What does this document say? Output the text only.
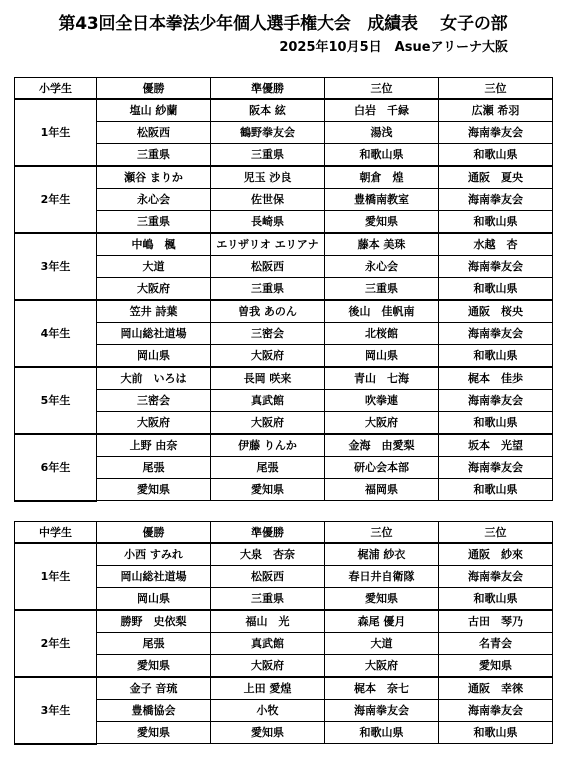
第43回全日本拳法少年個人選手権大会　成績表　 女子の部
2025年10月5日　Asueアリーナ大阪
小学生	優勝	準優勝	三位	三位
1年生	塩山 紗蘭	阪本 絃	白岩　千緑	広瀬 希羽
	松阪西	鶴野拳友会	湯浅	海南拳友会
	三重県	三重県	和歌山県	和歌山県
2年生	瀬谷 まりか	児玉 沙良	朝倉　煌	通阪　夏央
	永心会	佐世保	豊橋南教室	海南拳友会
	三重県	長崎県	愛知県	和歌山県
3年生	中嶋　楓	エリザリオ エリアナ	藤本 美珠	水越　杏
	大道	松阪西	永心会	海南拳友会
	大阪府	三重県	三重県	和歌山県
4年生	笠井 詩葉	曽我 あのん	後山　佳帆南	通阪　桜央
	岡山総社道場	三密会	北桜館	海南拳友会
	岡山県	大阪府	岡山県	和歌山県
5年生	大前　いろは	長岡 咲来	青山　七海	梶本　佳歩
	三密会	真武館	吹拳連	海南拳友会
	大阪府	大阪府	大阪府	和歌山県
6年生	上野 由奈	伊藤 りんか	金海　由愛梨	坂本　光望
	尾張	尾張	研心会本部	海南拳友会
	愛知県	愛知県	福岡県	和歌山県
中学生	優勝	準優勝	三位	三位
1年生	小西 すみれ	大泉　杏奈	梶浦 紗衣	通阪　紗來
	岡山総社道場	松阪西	春日井自衛隊	海南拳友会
	岡山県	三重県	愛知県	和歌山県
2年生	勝野　史依梨	福山　光	森尾 優月	古田　琴乃
	尾張	真武館	大道	名青会
	愛知県	大阪府	大阪府	愛知県
3年生	金子 音琉	上田 愛煌	梶本　奈七	通阪　幸徠
	豊橋協会	小牧	海南拳友会	海南拳友会
	愛知県	愛知県	和歌山県	和歌山県
